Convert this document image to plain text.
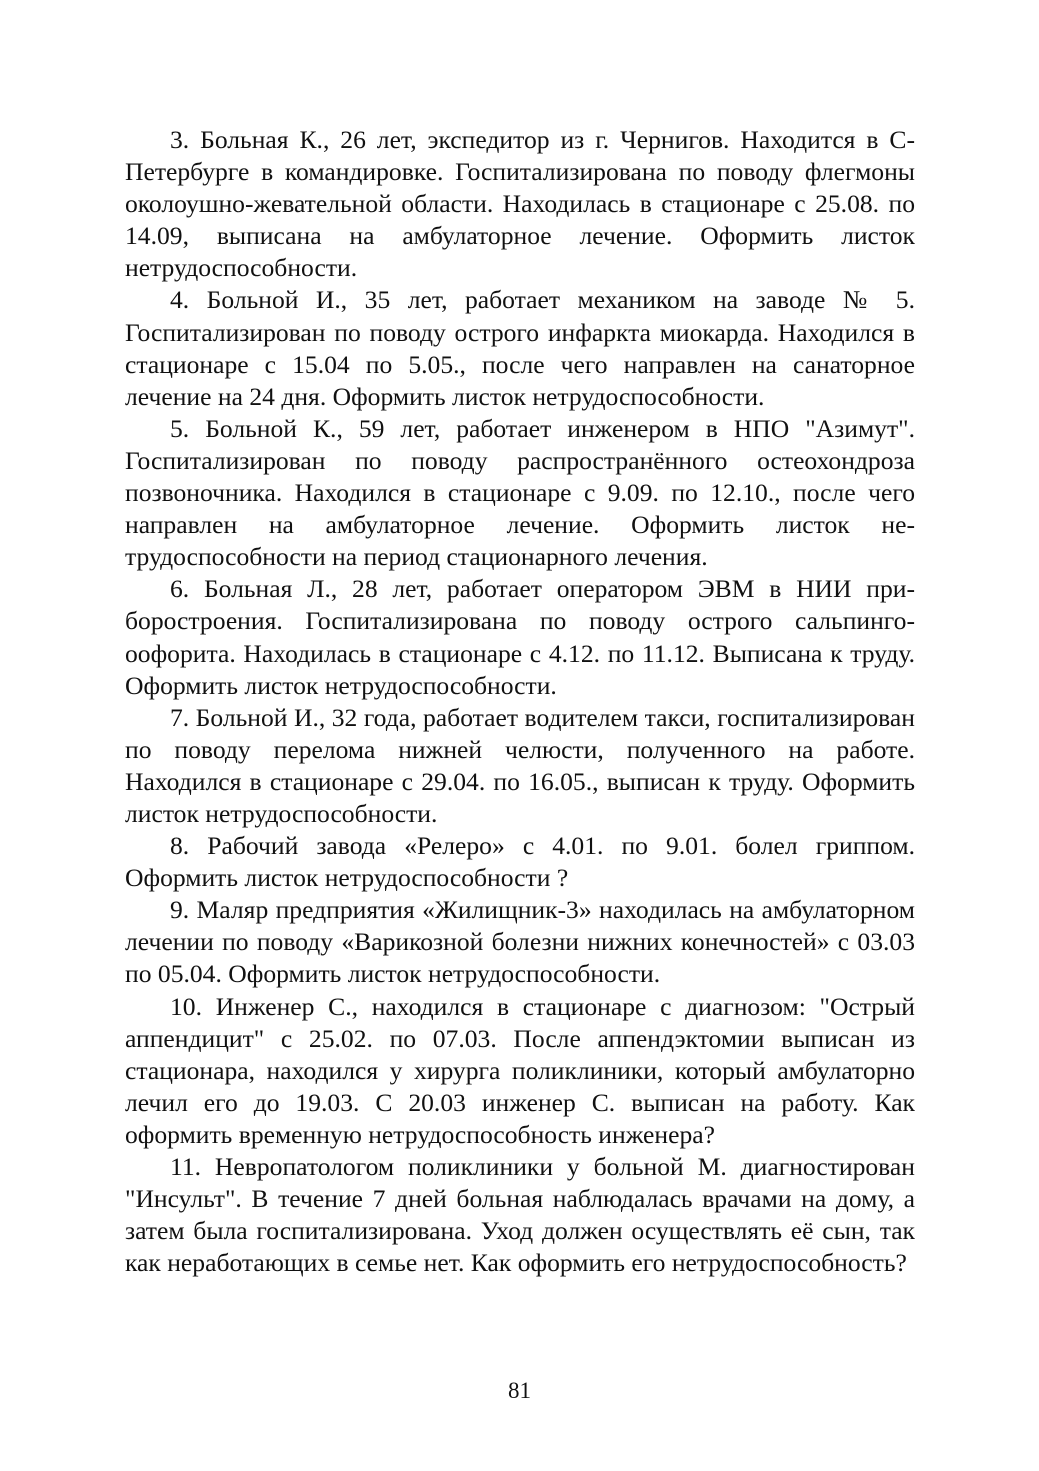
3. Больная К., 26 лет, экспедитор из г. Чернигов. Находится в С-Петербурге в командировке. Госпитализирована по поводу флегмоны околоушно-жевательной области. Находилась в стационаре с 25.08. по 14.09, выписана на амбулаторное лечение. Оформить листок нетрудоспособности.

4. Больной И., 35 лет, работает механиком на заводе № 5. Госпитализирован по поводу острого инфаркта миокарда. Находился в стационаре с 15.04 по 5.05., после чего направлен на санаторное лечение на 24 дня. Оформить листок нетрудоспособности.

5. Больной К., 59 лет, работает инженером в НПО "Азимут". Госпитализирован по поводу распространённого остеохондроза позвоночника. Находился в стационаре с 9.09. по 12.10., после чего направлен на амбулаторное лечение. Оформить листок нетрудоспособности на период стационарного лечения.

6. Больная Л., 28 лет, работает оператором ЭВМ в НИИ приборостроения. Госпитализирована по поводу острого сальпингооофорита. Находилась в стационаре с 4.12. по 11.12. Выписана к труду. Оформить листок нетрудоспособности.

7. Больной И., 32 года, работает водителем такси, госпитализирован по поводу перелома нижней челюсти, полученного на работе. Находился в стационаре с 29.04. по 16.05., выписан к труду. Оформить листок нетрудоспособности.

8. Рабочий завода «Релеро» с 4.01. по 9.01. болел гриппом. Оформить листок нетрудоспособности ?

9. Маляр предприятия «Жилищник-3» находилась на амбулаторном лечении по поводу «Варикозной болезни нижних конечностей» с 03.03 по 05.04. Оформить листок нетрудоспособности.

10. Инженер С., находился в стационаре с диагнозом: "Острый аппендицит" с 25.02. по 07.03. После аппендэктомии выписан из стационара, находился у хирурга поликлиники, который амбулаторно лечил его до 19.03. С 20.03 инженер С. выписан на работу. Как оформить временную нетрудоспособность инженера?

11. Невропатологом поликлиники у больной М. диагностирован "Инсульт". В течение 7 дней больная наблюдалась врачами на дому, а затем была госпитализирована. Уход должен осуществлять её сын, так как неработающих в семье нет. Как оформить его нетрудоспособность?

81
